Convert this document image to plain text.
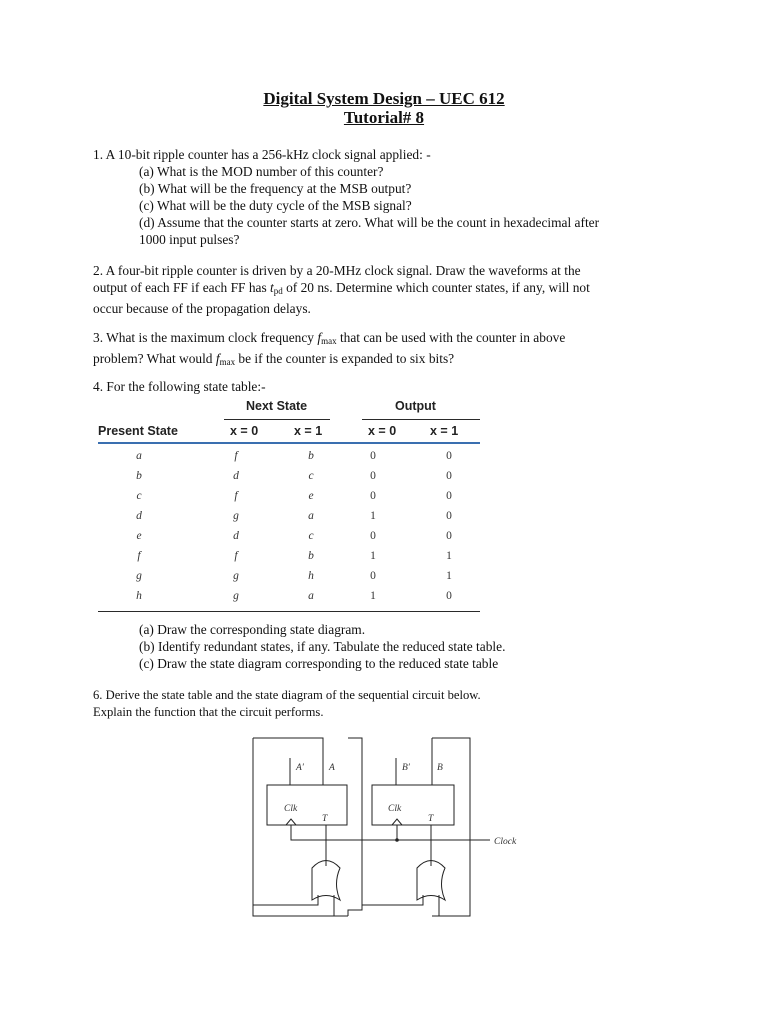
Digital System Design – UEC 612
Tutorial# 8
1. A 10-bit ripple counter has a 256-kHz clock signal applied: -
(a) What is the MOD number of this counter?
(b) What will be the frequency at the MSB output?
(c) What will be the duty cycle of the MSB signal?
(d) Assume that the counter starts at zero. What will be the count in hexadecimal after
1000 input pulses?
2. A four-bit ripple counter is driven by a 20-MHz clock signal. Draw the waveforms at the
output of each FF if each FF has $t_{pd}$ of 20 ns. Determine which counter states, if any, will not
occur because of the propagation delays.
3. What is the maximum clock frequency $f_{max}$ that can be used with the counter in above
problem? What would $f_{max}$ be if the counter is expanded to six bits?
4. For the following state table:-
Next State	Output
Present State	x = 0	x = 1	x = 0	x = 1
a	f	b	0	0
b	d	c	0	0
c	f	e	0	0
d	g	a	1	0
e	d	c	0	0
f	f	b	1	1
g	g	h	0	1
h	g	a	1	0
(a) Draw the corresponding state diagram.
(b) Identify redundant states, if any. Tabulate the reduced state table.
(c) Draw the state diagram corresponding to the reduced state table
6. Derive the state table and the state diagram of the sequential circuit below.
Explain the function that the circuit performs.
A′	A
Clk
T
B′	B
Clk
T
Clock
